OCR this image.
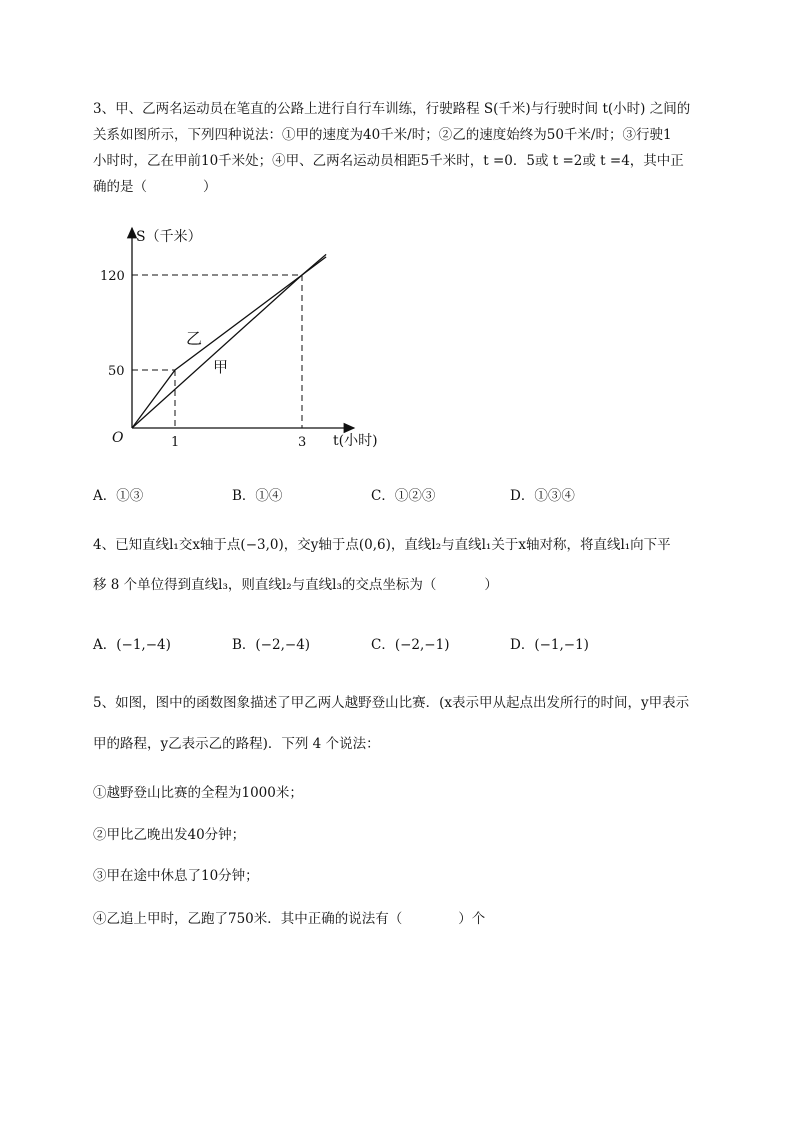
3、甲、乙两名运动员在笔直的公路上进行自行车训练，行驶路程 S(千米)与行驶时间 t(小时) 之间的
关系如图所示，下列四种说法：①甲的速度为40千米/时；②乙的速度始终为50千米/时；③行驶1
小时时，乙在甲前10千米处；④甲、乙两名运动员相距5千米时，t =0．5或 t =2或 t =4，其中正
确的是（	）
S（千米）
t(小时)
O	1	3
50
120
乙
甲
A．①③	B．①④	C．①②③	D．①③④
4、已知直线l₁交x轴于点(−3,0)，交y轴于点(0,6)，直线l₂与直线l₁关于x轴对称，将直线l₁向下平
移 8 个单位得到直线l₃，则直线l₂与直线l₃的交点坐标为（	）
A．(−1,−4)	B．(−2,−4)	C．(−2,−1)	D．(−1,−1)
5、如图，图中的函数图象描述了甲乙两人越野登山比赛．(x表示甲从起点出发所行的时间，y甲表示
甲的路程，y乙表示乙的路程)．下列 4 个说法：
①越野登山比赛的全程为1000米；
②甲比乙晚出发40分钟；
③甲在途中休息了10分钟；
④乙追上甲时，乙跑了750米．其中正确的说法有（	）个
